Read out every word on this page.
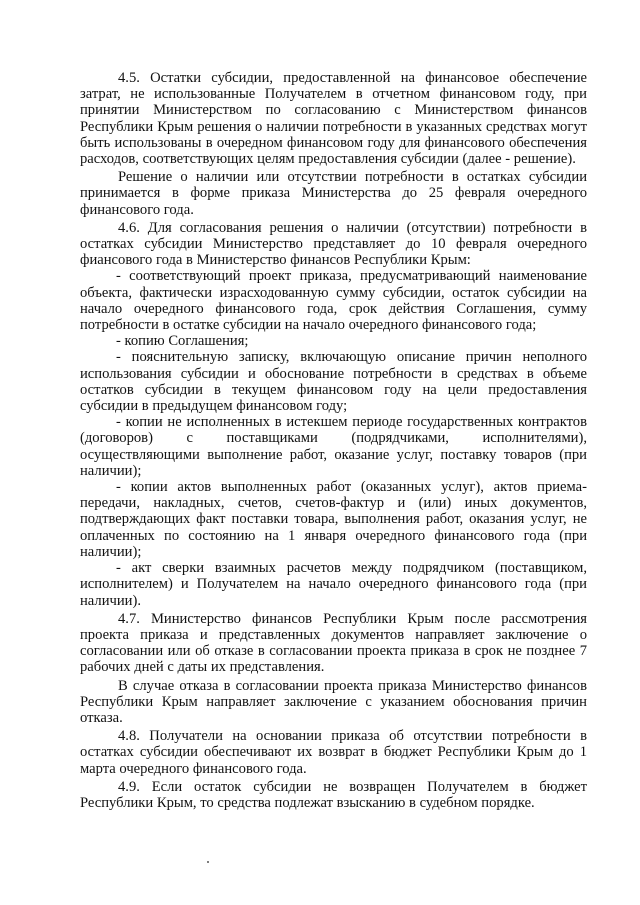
4.5. Остатки субсидии, предоставленной на финансовое обеспечение затрат, не использованные Получателем в отчетном финансовом году, при принятии Министерством по согласованию с Министерством финансов Республики Крым решения о наличии потребности в указанных средствах могут быть использованы в очередном финансовом году для финансового обеспечения расходов, соответствующих целям предоставления субсидии (далее - решение).

Решение о наличии или отсутствии потребности в остатках субсидии принимается в форме приказа Министерства до 25 февраля очередного финансового года.

4.6. Для согласования решения о наличии (отсутствии) потребности в остатках субсидии Министерство представляет до 10 февраля очередного фиансового года в Министерство финансов Республики Крым:

- соответствующий проект приказа, предусматривающий наименование объекта, фактически израсходованную сумму субсидии, остаток субсидии на начало очередного финансового года, срок действия Соглашения, сумму потребности в остатке субсидии на начало очередного финансового года;

- копию Соглашения;

- пояснительную записку, включающую описание причин неполного использования субсидии и обоснование потребности в средствах в объеме остатков субсидии в текущем финансовом году на цели предоставления субсидии в предыдущем финансовом году;

- копии не исполненных в истекшем периоде государственных контрактов (договоров) с поставщиками (подрядчиками, исполнителями), осуществляющими выполнение работ, оказание услуг, поставку товаров (при наличии);

- копии актов выполненных работ (оказанных услуг), актов приема-передачи, накладных, счетов, счетов-фактур и (или) иных документов, подтверждающих факт поставки товара, выполнения работ, оказания услуг, не оплаченных по состоянию на 1 января очередного финансового года (при наличии);

- акт сверки взаимных расчетов между подрядчиком (поставщиком, исполнителем) и Получателем на начало очередного финансового года (при наличии).

4.7. Министерство финансов Республики Крым после рассмотрения проекта приказа и представленных документов направляет заключение о согласовании или об отказе в согласовании проекта приказа в срок не позднее 7 рабочих дней с даты их представления.

В случае отказа в согласовании проекта приказа Министерство финансов Республики Крым направляет заключение с указанием обоснования причин отказа.

4.8. Получатели на основании приказа об отсутствии потребности в остатках субсидии обеспечивают их возврат в бюджет Республики Крым до 1 марта очередного финансового года.

4.9. Если остаток субсидии не возвращен Получателем в бюджет Республики Крым, то средства подлежат взысканию в судебном порядке.
